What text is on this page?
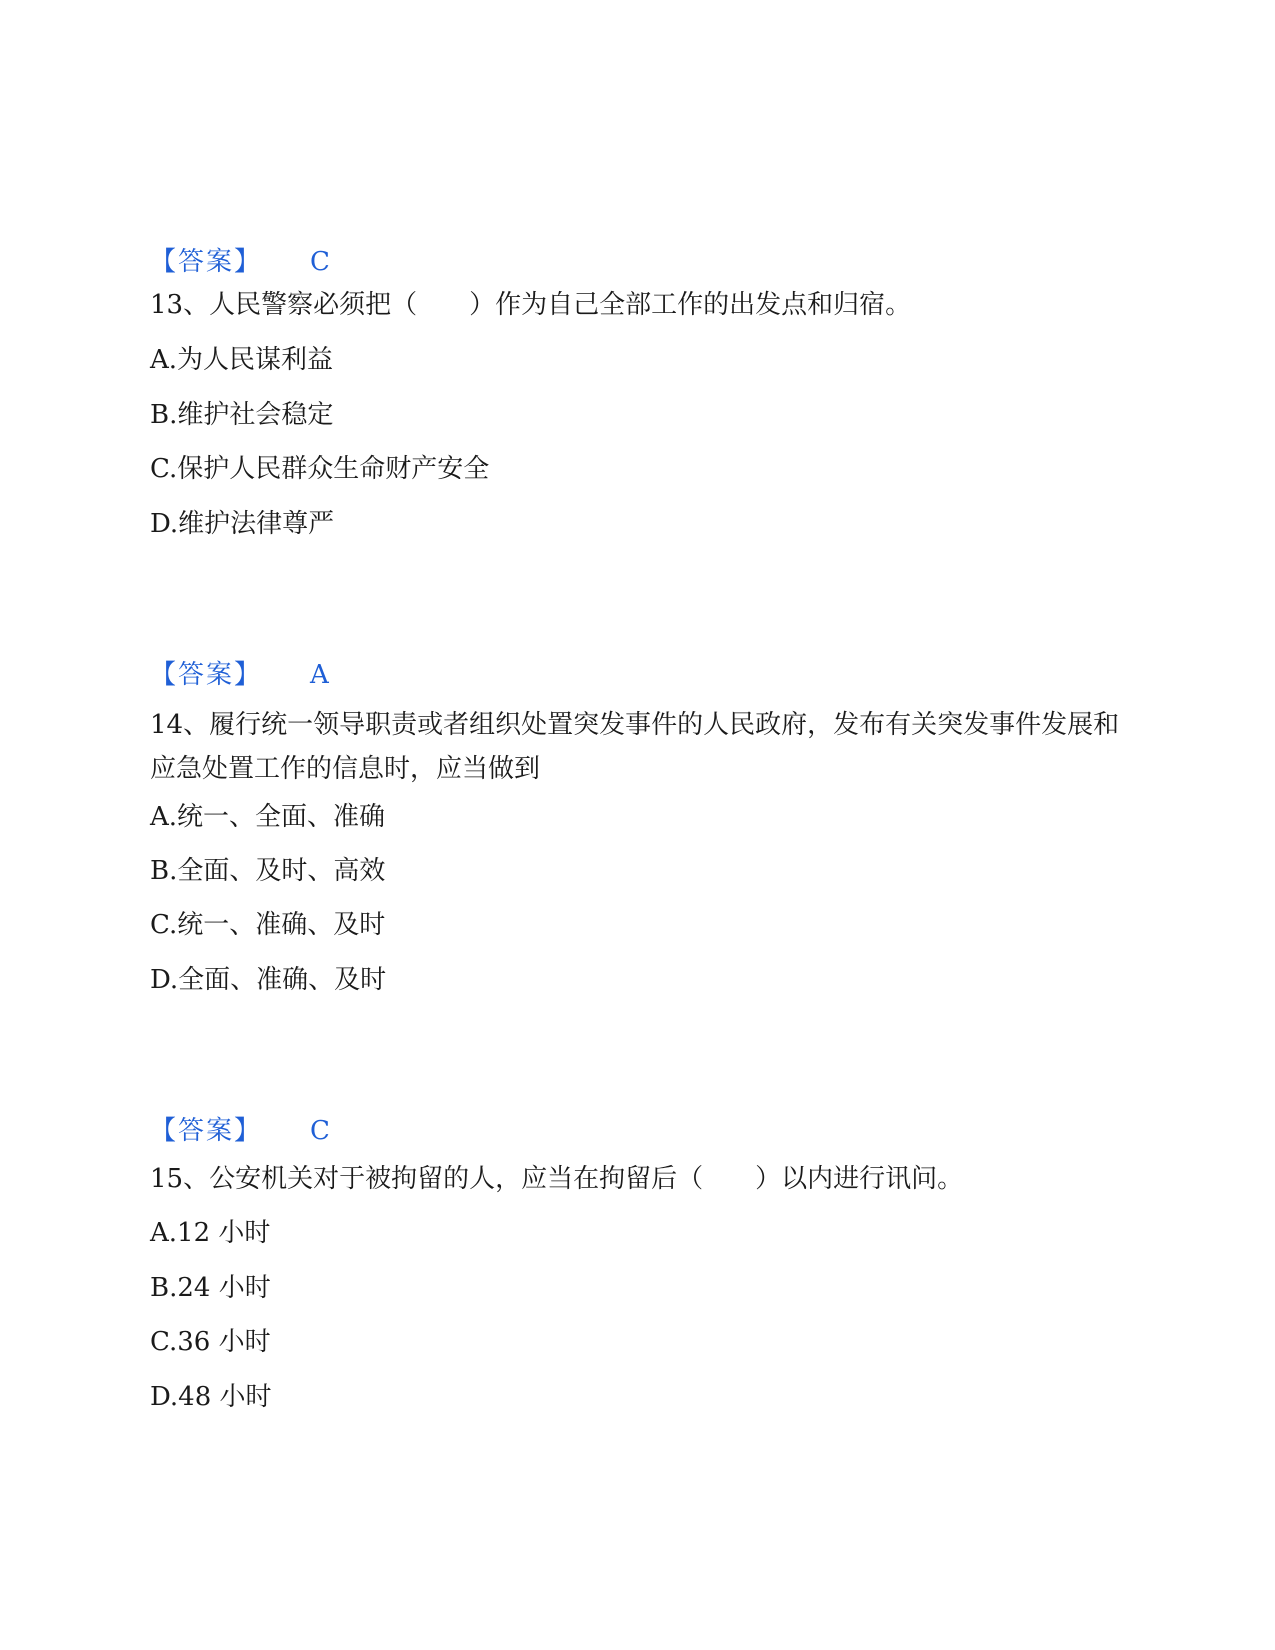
【答案】 C
13、人民警察必须把（　　）作为自己全部工作的出发点和归宿。
A.为人民谋利益
B.维护社会稳定
C.保护人民群众生命财产安全
D.维护法律尊严
【答案】 A
14、履行统一领导职责或者组织处置突发事件的人民政府，发布有关突发事件发展和应急处置工作的信息时，应当做到
A.统一、全面、准确
B.全面、及时、高效
C.统一、准确、及时
D.全面、准确、及时
【答案】 C
15、公安机关对于被拘留的人，应当在拘留后（　　）以内进行讯问。
A.12 小时
B.24 小时
C.36 小时
D.48 小时
